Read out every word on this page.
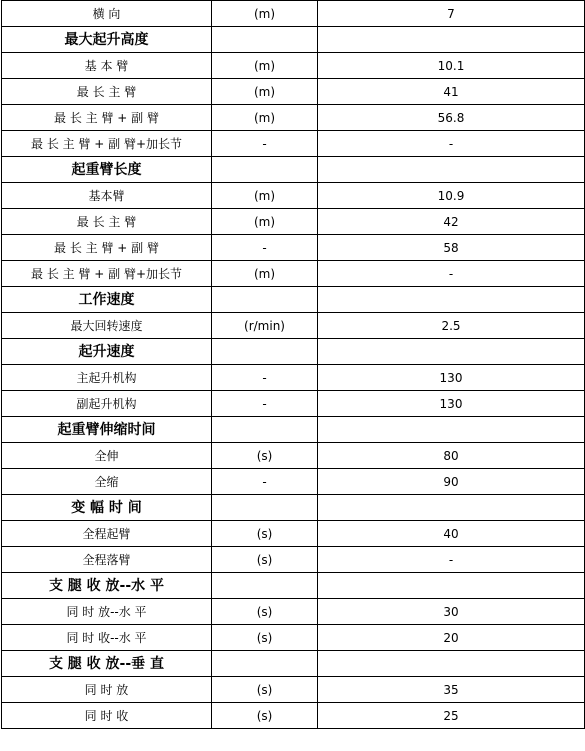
横 向	(m)	7
最大起升高度		
基 本 臂	(m)	10.1
最 长 主 臂	(m)	41
最 长 主 臂 + 副 臂	(m)	56.8
最 长 主 臂 + 副 臂+加长节	-	-
起重臂长度		
基本臂	(m)	10.9
最 长 主 臂	(m)	42
最 长 主 臂 + 副 臂	-	58
最 长 主 臂 + 副 臂+加长节	(m)	-
工作速度		
最大回转速度	(r/min)	2.5
起升速度		
主起升机构	-	130
副起升机构	-	130
起重臂伸缩时间		
全伸	(s)	80
全缩	-	90
变 幅 时 间		
全程起臂	(s)	40
全程落臂	(s)	-
支 腿 收 放--水 平		
同 时 放--水 平	(s)	30
同 时 收--水 平	(s)	20
支 腿 收 放--垂 直		
同 时 放	(s)	35
同 时 收	(s)	25
